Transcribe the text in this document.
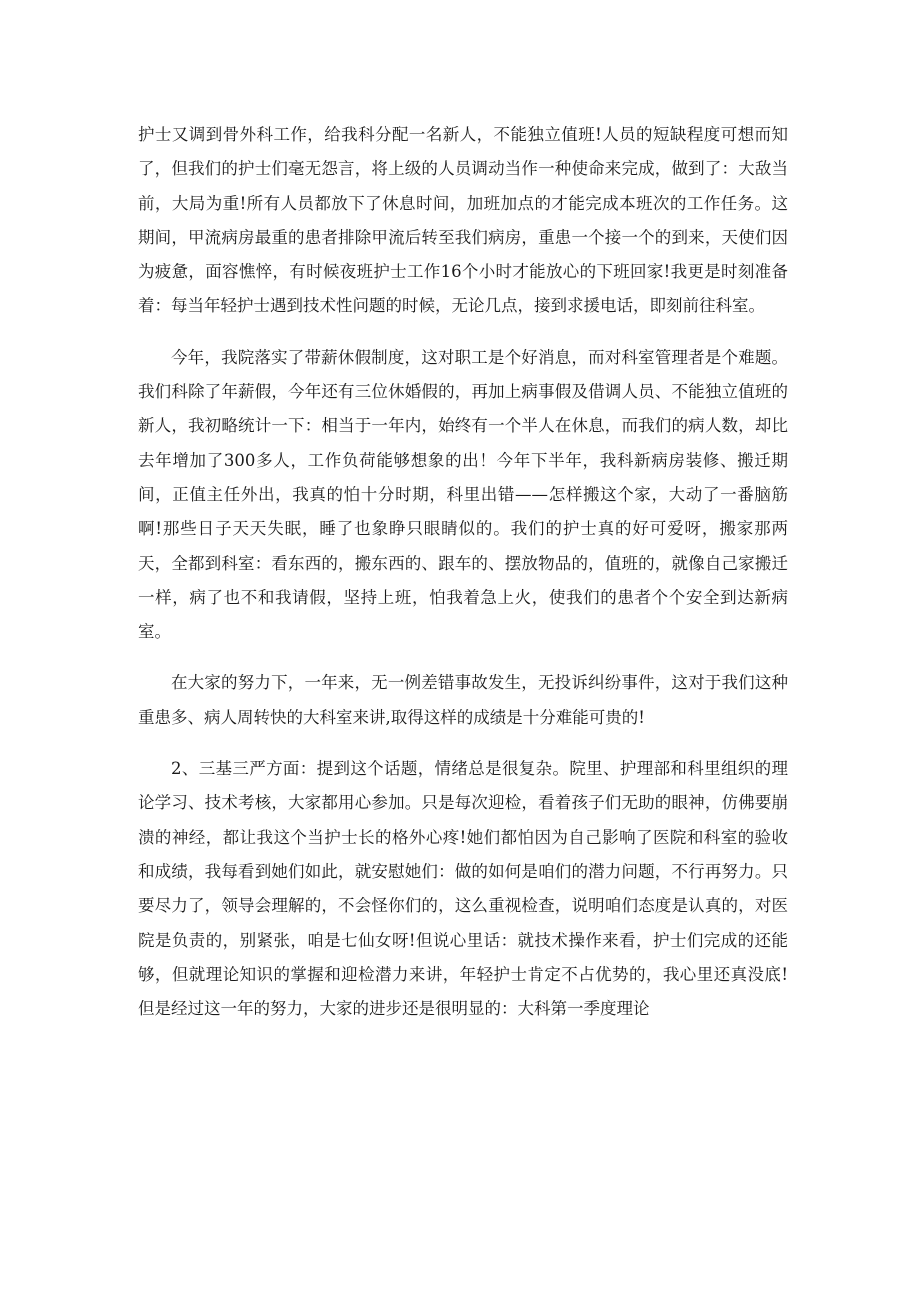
护士又调到骨外科工作，给我科分配一名新人，不能独立值班!人员的短缺程度可想而知了，但我们的护士们毫无怨言，将上级的人员调动当作一种使命来完成，做到了：大敌当前，大局为重!所有人员都放下了休息时间，加班加点的才能完成本班次的工作任务。这期间，甲流病房最重的患者排除甲流后转至我们病房，重患一个接一个的到来，天使们因为疲惫，面容憔悴，有时候夜班护士工作16个小时才能放心的下班回家!我更是时刻准备着：每当年轻护士遇到技术性问题的时候，无论几点，接到求援电话，即刻前往科室。

今年，我院落实了带薪休假制度，这对职工是个好消息，而对科室管理者是个难题。我们科除了年薪假，今年还有三位休婚假的，再加上病事假及借调人员、不能独立值班的新人，我初略统计一下：相当于一年内，始终有一个半人在休息，而我们的病人数，却比去年增加了300多人，工作负荷能够想象的出！今年下半年，我科新病房装修、搬迁期间，正值主任外出，我真的怕十分时期，科里出错——怎样搬这个家，大动了一番脑筋啊!那些日子天天失眠，睡了也象睁只眼睛似的。我们的护士真的好可爱呀，搬家那两天，全都到科室：看东西的，搬东西的、跟车的、摆放物品的，值班的，就像自己家搬迁一样，病了也不和我请假，坚持上班，怕我着急上火，使我们的患者个个安全到达新病室。

在大家的努力下，一年来，无一例差错事故发生，无投诉纠纷事件，这对于我们这种重患多、病人周转快的大科室来讲,取得这样的成绩是十分难能可贵的!

2、三基三严方面：提到这个话题，情绪总是很复杂。院里、护理部和科里组织的理论学习、技术考核，大家都用心参加。只是每次迎检，看着孩子们无助的眼神，仿佛要崩溃的神经，都让我这个当护士长的格外心疼!她们都怕因为自己影响了医院和科室的验收和成绩，我每看到她们如此，就安慰她们：做的如何是咱们的潜力问题，不行再努力。只要尽力了，领导会理解的，不会怪你们的，这么重视检查，说明咱们态度是认真的，对医院是负责的，别紧张，咱是七仙女呀!但说心里话：就技术操作来看，护士们完成的还能够，但就理论知识的掌握和迎检潜力来讲，年轻护士肯定不占优势的，我心里还真没底!但是经过这一年的努力，大家的进步还是很明显的：大科第一季度理论
